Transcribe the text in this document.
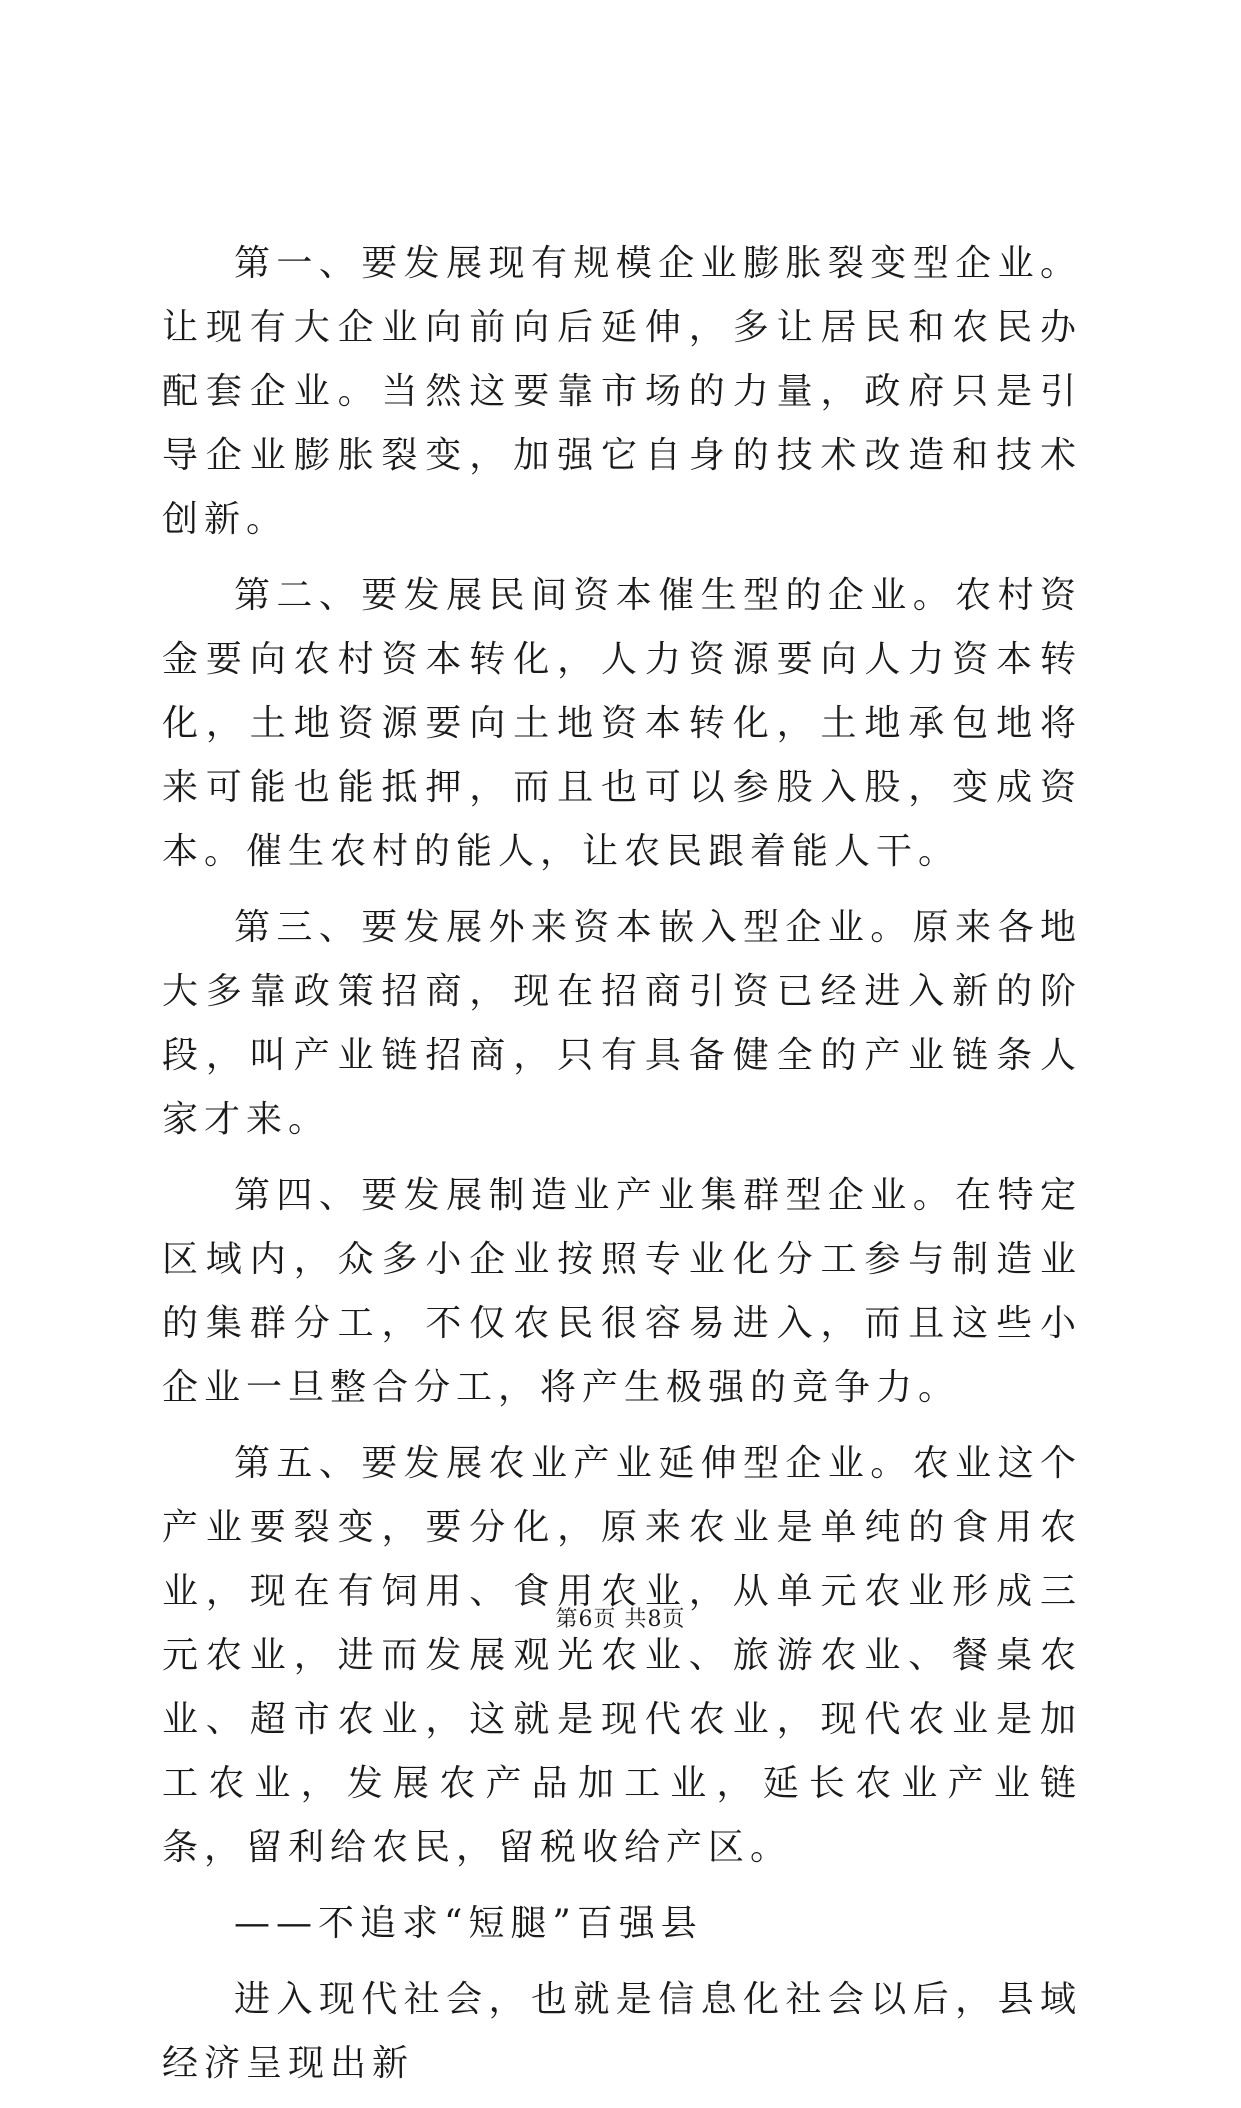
第一、要发展现有规模企业膨胀裂变型企业。让现有大企业向前向后延伸，多让居民和农民办配套企业。当然这要靠市场的力量，政府只是引导企业膨胀裂变，加强它自身的技术改造和技术创新。

第二、要发展民间资本催生型的企业。农村资金要向农村资本转化，人力资源要向人力资本转化，土地资源要向土地资本转化，土地承包地将来可能也能抵押，而且也可以参股入股，变成资本。催生农村的能人，让农民跟着能人干。

第三、要发展外来资本嵌入型企业。原来各地大多靠政策招商，现在招商引资已经进入新的阶段，叫产业链招商，只有具备健全的产业链条人家才来。

第四、要发展制造业产业集群型企业。在特定区域内，众多小企业按照专业化分工参与制造业的集群分工，不仅农民很容易进入，而且这些小企业一旦整合分工，将产生极强的竞争力。

第五、要发展农业产业延伸型企业。农业这个产业要裂变，要分化，原来农业是单纯的食用农业，现在有饲用、食用农业，从单元农业形成三元农业，进而发展观光农业、旅游农业、餐桌农业、超市农业，这就是现代农业，现代农业是加工农业，发展农产品加工业，延长农业产业链条，留利给农民，留税收给产区。

——不追求“短腿”百强县

进入现代社会，也就是信息化社会以后，县域经济呈现出新

第6页 共8页
